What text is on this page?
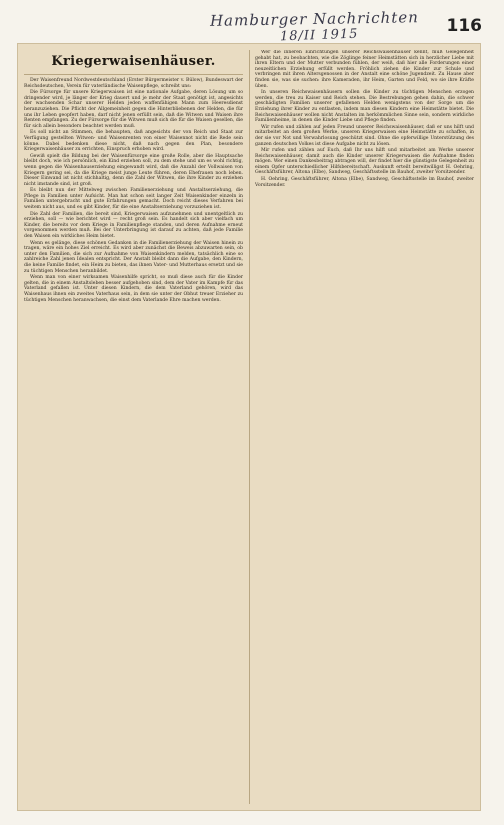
Hamburger Nachrichten
18/II 1915	116
Kriegerwaisenhäuser.

Der Waisenfreund Nordwestdeutschland (Erster Bürgermeister v. Bülow), Bundeswart der Reichsdeutschen, Verein für vaterländische Waisenpflege, schreibt uns:

Die Fürsorge für unsere Kriegerwaisen ist eine nationale Aufgabe, deren Lösung um so dringender wird, je länger der Krieg dauert und je mehr der Staat genötigt ist, angesichts der wachsenden Schar unserer Helden jeden waffenfähigen Mann zum Heeresdienst heranzuziehen. Die Pflicht der Allgemeinheit gegen die Hinterbliebenen der Helden, die für uns ihr Leben geopfert haben, darf nicht jenen erfüllt sein, daß die Witwen und Waisen ihre Renten empfangen. Zu der Fürsorge für die Witwen muß sich die für die Waisen gesellen, die für sich allein besonders beachtet werden muß.

Es soll nicht an Stimmen, die behaupten, daß angesichts der von Reich und Staat zur Verfügung gestellten Witwen- und Waisenrenten von einer Waisennot nicht die Rede sein könne. Dabei bedenken diese nicht, daß nach gegen den Plan, besondere Kriegerwaisenhäuser zu errichten, Einspruch erhoben wird.

Gewiß spielt die Bildung bei der Waisenfürsorge eine große Rolle, aber die Hauptsache bleibt doch, wie ich persönlich, ein Kind erziehen soll, zu dem stehe und um es wohl richtig, wenn gegen die Waisenhauserziehung eingewandt wird, daß die Anzahl der Vollwaisen von Kriegern gering sei, da die Kriege meist junge Leute führen, deren Ehefrauen noch leben. Dieser Einwand ist nicht stichhaltig, denn die Zahl der Witwen, die ihre Kinder zu erziehen nicht imstande sind, ist groß.

Es bleibt nun der Mittelweg zwischen Familienerziehung und Anstaltserziehung, die Pflege in Familien unter Aufsicht. Man hat schon seit langer Zeit Waisenkinder einzeln in Familien untergebracht und gute Erfahrungen gemacht. Doch reicht dieses Verfahren bei weitem nicht aus, und es gibt Kinder, für die eine Anstaltserziehung vorzuziehen ist.

Die Zahl der Familien, die bereit sind, Kriegerwaisen aufzunehmen und unentgeltlich zu erziehen, soll — wie berichtet wird — recht groß sein. Es handelt sich aber vielfach um Kinder, die bereits vor dem Kriege in Familienpflege standen, und deren Aufnahme erneut vorgenommen werden muß. Bei der Unterbringung ist darauf zu achten, daß jede Familie den Waisen ein wirkliches Heim bietet.

Wenn es gelänge, diese schönen Gedanken in die Familienerziehung der Waisen hinein zu tragen, wäre ein hohes Ziel erreicht. Es wird aber zunächst die Beweis abzuwarten sein, ob unter den Familien, die sich zur Aufnahme von Waisenkindern melden, tatsächlich eine so zahlreiche Zahl jenen Idealen entspricht. Der Anstalt bleibt dann die Aufgabe, den Kindern, die keine Familie findet, ein Heim zu bieten, das ihnen Vater- und Mutterhaus ersetzt und sie zu tüchtigen Menschen heranbildet.

Wenn man von einer wirksamen Waisenhilfe spricht, so muß diese auch für die Kinder gelten, die in einem Anstaltsleben besser aufgehoben sind, dem der Vater im Kampfe für das Vaterland gefallen ist. Unter diesen Kindern, die dem Vaterland gehören, wird das Waisenhaus ihnen ein zweites Vaterhaus sein, in dem sie unter der Obhut treuer Erzieher zu tüchtigen Menschen heranwachsen, die einst dem Vaterlande Ehre machen werden.

Wer die inneren Einrichtungen unserer Reichswaisenhäuser kennt, muß Gelegenheit gehabt hat, zu beobachten, wie die Zöglinge feiner Heimstätten sich in herzlicher Liebe mit ihren Eltern und der Mutter verbunden fühlen, der weiß, daß hier alle Forderungen einer neuzeitlichen Erziehung erfüllt werden. Fröhlich ziehen die Kinder zur Schule und verbringen mit ihren Altersgenossen in der Anstalt eine schöne Jugendzeit. Zu Hause aber finden sie, was sie suchen: ihre Kameraden, ihr Heim, Garten und Feld, wo sie ihre Kräfte üben.

In unseren Reichswaisenhäusern sollen die Kinder zu tüchtigen Menschen erzogen werden, die treu zu Kaiser und Reich stehen. Die Bestrebungen gehen dahin, die schwer geschädigten Familien unserer gefallenen Helden wenigstens von der Sorge um die Erziehung ihrer Kinder zu entlasten, indem man diesen Kindern eine Heimstätte bietet. Die Reichswaisenhäuser wollen nicht Anstalten im herkömmlichen Sinne sein, sondern wirkliche Familienheime, in denen die Kinder Liebe und Pflege finden.

Wir rufen und zählen auf jeden Freund unserer Reichswaisenhäuser, daß er uns hilft und mitarbeitet an dem großen Werke, unseren Kriegerwaisen eine Heimstätte zu schaffen, in der sie vor Not und Verwahrlosung geschützt sind. Ohne die opferwillige Unterstützung des ganzen deutschen Volkes ist diese Aufgabe nicht zu lösen.

Mir rufen und zählen auf Euch, daß Ihr uns hilft und mitarbeitet am Werke unserer Reichswaisenhäuser, damit auch die Kinder unserer Kriegerwaisen die Aufnahme finden mögen. Wer einen Dankesbeitrag abtragen will, der findet hier die günstigste Gelegenheit zu einem Opfer unterschiedlicher Hilfsbereitschaft. Auskunft erteilt bereitwilligst H. Oehring, Geschäftsführer, Altona (Elbe), Sandweg, Geschäftsstelle im Bauhof, zweiter Vorsitzender.

H. Oehring, Geschäftsführer, Altona (Elbe), Sandweg, Geschäftsstelle im Bauhof, zweiter Vorsitzender.
